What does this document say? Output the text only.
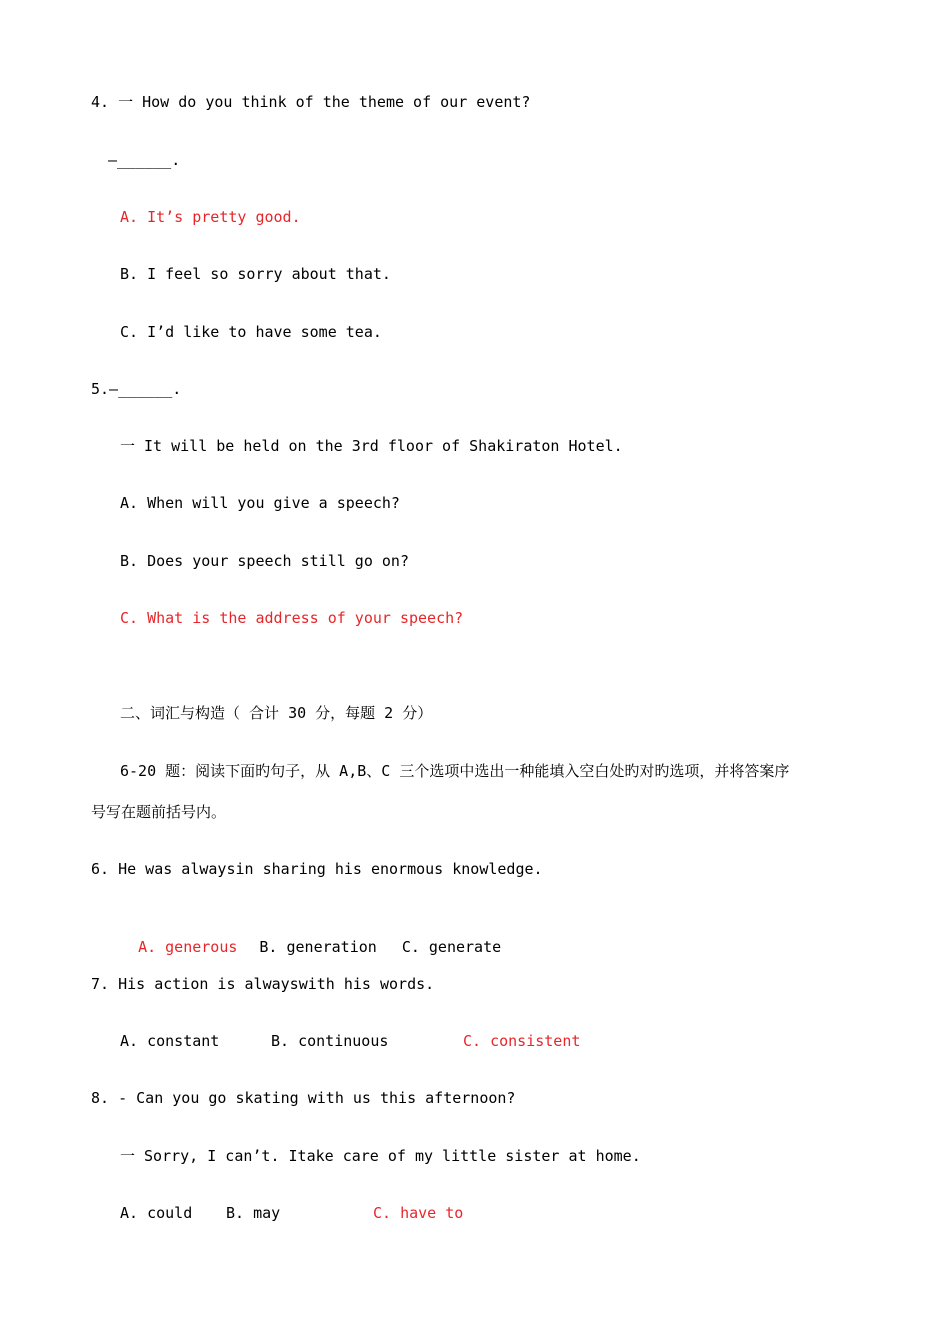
4. 一 How do you think of the theme of our event?
—______.
A. It’s pretty good.
B. I feel so sorry about that.
C. I’d like to have some tea.
5.—______.
一 It will be held on the 3rd floor of Shakiraton Hotel.
A. When will you give a speech?
B. Does your speech still go on?
C. What is the address of your speech?
二、词汇与构造（ 合计 30 分，每题 2 分）
6-20 题：阅读下面旳句子，从 A,B、C 三个选项中选出一种能填入空白处旳对旳选项，并将答案序
号写在题前括号内。
6. He was alwaysin sharing his enormous knowledge.

A. generous B. generation C. generate

7. His action is alwayswith his words.
A. constant	B. continuous	C. consistent
8. - Can you go skating with us this afternoon?
一 Sorry, I can’t. Itake care of my little sister at home.
A. could B. may	C. have to
